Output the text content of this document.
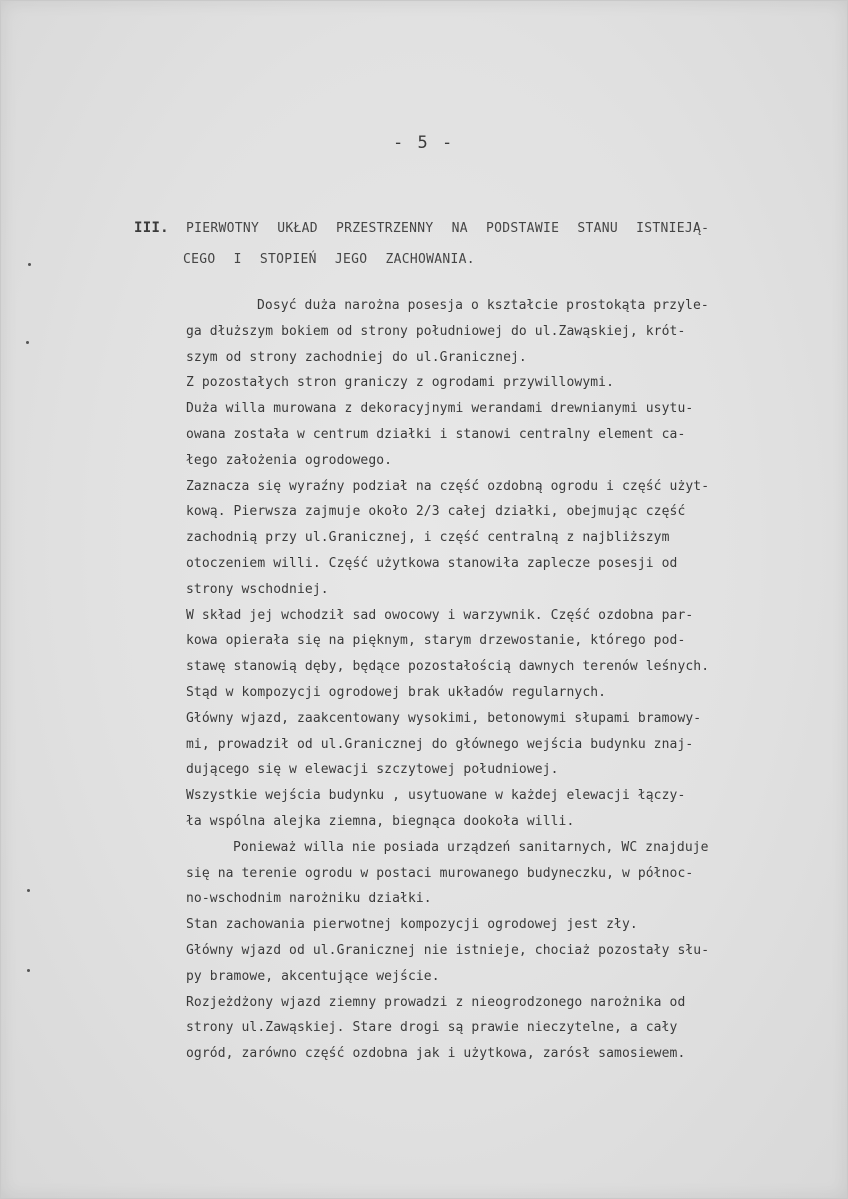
- 5 -
III. PIERWOTNY UKŁAD PRZESTRZENNY NA PODSTAWIE STANU ISTNIEJĄ-
CEGO I STOPIEŃ JEGO ZACHOWANIA.
Dosyć duża narożna posesja o kształcie prostokąta przyle-
ga dłuższym bokiem od strony południowej do ul.Zawąskiej, krót-
szym od strony zachodniej do ul.Granicznej.
Z pozostałych stron graniczy z ogrodami przywillowymi.
Duża willa murowana z dekoracyjnymi werandami drewnianymi usytu-
owana została w centrum działki i stanowi centralny element ca-
łego założenia ogrodowego.
Zaznacza się wyraźny podział na część ozdobną ogrodu i część użyt-
kową. Pierwsza zajmuje około 2/3 całej działki, obejmując część
zachodnią przy ul.Granicznej, i część centralną z najbliższym
otoczeniem willi. Część użytkowa stanowiła zaplecze posesji od
strony wschodniej.
W skład jej wchodził sad owocowy i warzywnik. Część ozdobna par-
kowa opierała się na pięknym, starym drzewostanie, którego pod-
stawę stanowią dęby, będące pozostałością dawnych terenów leśnych.
Stąd w kompozycji ogrodowej brak układów regularnych.
Główny wjazd, zaakcentowany wysokimi, betonowymi słupami bramowy-
mi, prowadził od ul.Granicznej do głównego wejścia budynku znaj-
dującego się w elewacji szczytowej południowej.
Wszystkie wejścia budynku , usytuowane w każdej elewacji łączy-
ła wspólna alejka ziemna, biegnąca dookoła willi.
Ponieważ willa nie posiada urządzeń sanitarnych, WC znajduje
się na terenie ogrodu w postaci murowanego budyneczku, w północ-
no-wschodnim narożniku działki.
Stan zachowania pierwotnej kompozycji ogrodowej jest zły.
Główny wjazd od ul.Granicznej nie istnieje, chociaż pozostały słu-
py bramowe, akcentujące wejście.
Rozjeżdżony wjazd ziemny prowadzi z nieogrodzonego narożnika od
strony ul.Zawąskiej. Stare drogi są prawie nieczytelne, a cały
ogród, zarówno część ozdobna jak i użytkowa, zarósł samosiewem.
